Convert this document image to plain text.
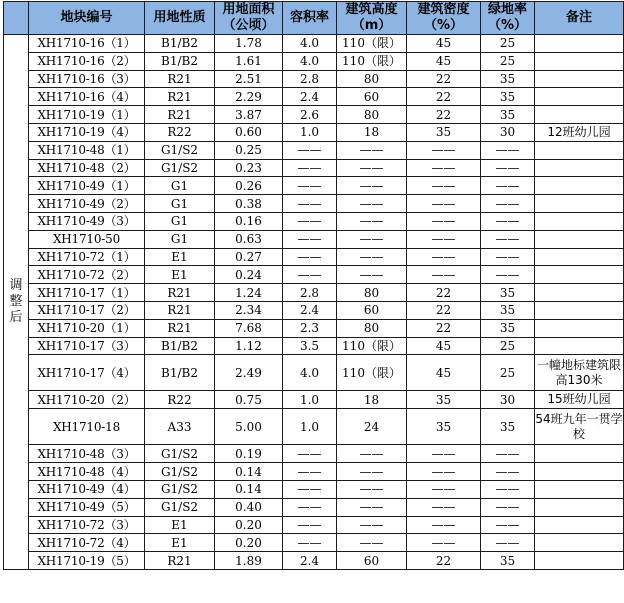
	地块编号	用地性质	用地面积（公顷）	容积率	建筑高度（m）	建筑密度（%）	绿地率（%）	备注
调整后	XH1710-16（1）	B1/B2	1.78	4.0	110（限）	45	25	
	XH1710-16（2）	B1/B2	1.61	4.0	110（限）	45	25	
	XH1710-16（3）	R21	2.51	2.8	80	22	35	
	XH1710-16（4）	R21	2.29	2.4	60	22	35	
	XH1710-19（1）	R21	3.87	2.6	80	22	35	
	XH1710-19（4）	R22	0.60	1.0	18	35	30	12班幼儿园
	XH1710-48（1）	G1/S2	0.25	——	——	——	——	
	XH1710-48（2）	G1/S2	0.23	——	——	——	——	
	XH1710-49（1）	G1	0.26	——	——	——	——	
	XH1710-49（2）	G1	0.38	——	——	——	——	
	XH1710-49（3）	G1	0.16	——	——	——	——	
	XH1710-50	G1	0.63	——	——	——	——	
	XH1710-72（1）	E1	0.27	——	——	——	——	
	XH1710-72（2）	E1	0.24	——	——	——	——	
	XH1710-17（1）	R21	1.24	2.8	80	22	35	
	XH1710-17（2）	R21	2.34	2.4	60	22	35	
	XH1710-20（1）	R21	7.68	2.3	80	22	35	
	XH1710-17（3）	B1/B2	1.12	3.5	110（限）	45	25	
	XH1710-17（4）	B1/B2	2.49	4.0	110（限）	45	25	一幢地标建筑限高130米
	XH1710-20（2）	R22	0.75	1.0	18	35	30	15班幼儿园
	XH1710-18	A33	5.00	1.0	24	35	35	54班九年一贯学校
	XH1710-48（3）	G1/S2	0.19	——	——	——	——	
	XH1710-48（4）	G1/S2	0.14	——	——	——	——	
	XH1710-49（4）	G1/S2	0.14	——	——	——	——	
	XH1710-49（5）	G1/S2	0.40	——	——	——	——	
	XH1710-72（3）	E1	0.20	——	——	——	——	
	XH1710-72（4）	E1	0.20	——	——	——	——	
	XH1710-19（5）	R21	1.89	2.4	60	22	35	
